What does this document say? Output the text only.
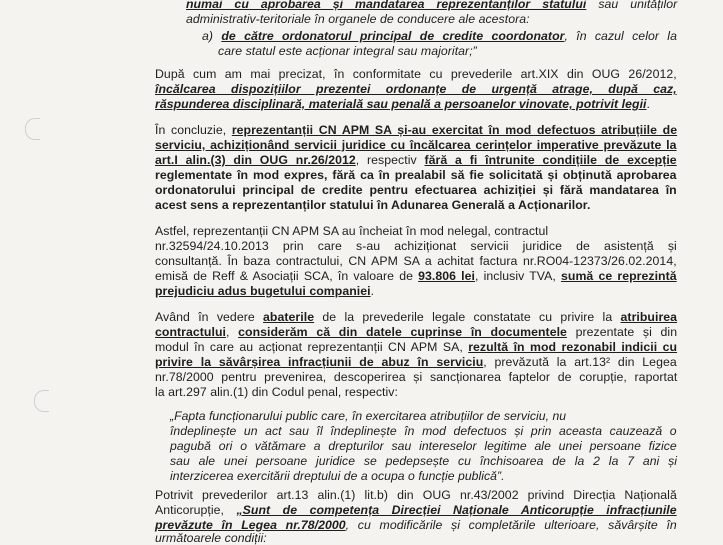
numai cu aprobarea și mandatarea reprezentanților statului sau unităților
administrativ-teritoriale în organele de conducere ale acestora:
a) de către ordonatorul principal de credite coordonator, în cazul celor la
care statul este acționar integral sau majoritar;”
După cum am mai precizat, în conformitate cu prevederile art.XIX din OUG 26/2012,
încălcarea dispozițiilor prezentei ordonanțe de urgență atrage, după caz,
răspunderea disciplinară, materială sau penală a persoanelor vinovate, potrivit legii.
În concluzie, reprezentanții CN APM SA și-au exercitat în mod defectuos atribuțiile de
serviciu, achiziționând servicii juridice cu încălcarea cerințelor imperative prevăzute la
art.I alin.(3) din OUG nr.26/2012, respectiv fără a fi întrunite condițiile de excepție
reglementate în mod expres, fără ca în prealabil să fie solicitată și obținută aprobarea
ordonatorului principal de credite pentru efectuarea achiziției și fără mandatarea în
acest sens a reprezentanților statului în Adunarea Generală a Acționarilor.
Astfel, reprezentanții CN APM SA au încheiat în mod nelegal, contractul
nr.32594/24.10.2013 prin care s-au achiziționat servicii juridice de asistență și
consultanță. În baza contractului, CN APM SA a achitat factura nr.RO04-12373/26.02.2014,
emisă de Reff & Asociații SCA, în valoare de 93.806 lei, inclusiv TVA, sumă ce reprezintă
prejudiciu adus bugetului companiei.
Având în vedere abaterile de la prevederile legale constatate cu privire la atribuirea
contractului, considerăm că din datele cuprinse în documentele prezentate și din
modul în care au acționat reprezentanții CN APM SA, rezultă în mod rezonabil indicii cu
privire la săvârșirea infracțiunii de abuz în serviciu, prevăzută la art.13² din Legea
nr.78/2000 pentru prevenirea, descoperirea și sancționarea faptelor de corupție, raportat
la art.297 alin.(1) din Codul penal, respectiv:
„Fapta funcționarului public care, în exercitarea atribuțiilor de serviciu, nu
îndeplinește un act sau îl îndeplinește în mod defectuos și prin aceasta cauzează o
pagubă ori o vătămare a drepturilor sau intereselor legitime ale unei persoane fizice
sau ale unei persoane juridice se pedepsește cu închisoarea de la 2 la 7 ani și
interzicerea exercitării dreptului de a ocupa o funcție publică”.
Potrivit prevederilor art.13 alin.(1) lit.b) din OUG nr.43/2002 privind Direcția Națională
Anticorupție, „Sunt de competența Direcției Naționale Anticorupție infracțiunile
prevăzute în Legea nr.78/2000, cu modificările și completările ulterioare, săvârșite în
următoarele condiții:
